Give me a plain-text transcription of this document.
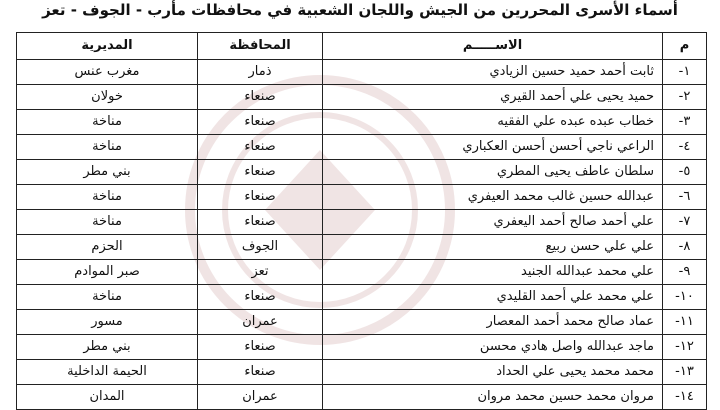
أسماء الأسرى المحررين من الجيش واللجان الشعبية في محافظات مأرب - الجوف - تعز
م	الاســـــم	المحافظة	المديرية
١-	ثابت أحمد حميد حسين الزيادي	ذمار	مغرب عنس
٢-	حميد يحيى علي أحمد القيري	صنعاء	خولان
٣-	خطاب عبده عبده علي الفقيه	صنعاء	مناخة
٤-	الراعي ناجي أحسن أحسن العكباري	صنعاء	مناخة
٥-	سلطان عاطف يحيى المطري	صنعاء	بني مطر
٦-	عبدالله حسين غالب محمد العيفري	صنعاء	مناخة
٧-	علي أحمد صالح أحمد اليعفري	صنعاء	مناخة
٨-	علي علي حسن ربيع	الجوف	الحزم
٩-	علي محمد عبدالله الجنيد	تعز	صبر الموادم
١٠-	علي محمد علي أحمد القليدي	صنعاء	مناخة
١١-	عماد صالح محمد أحمد المعصار	عمران	مسور
١٢-	ماجد عبدالله واصل هادي محسن	صنعاء	بني مطر
١٣-	محمد محمد يحيى علي الحداد	صنعاء	الحيمة الداخلية
١٤-	مروان محمد حسين محمد مروان	عمران	المدان
